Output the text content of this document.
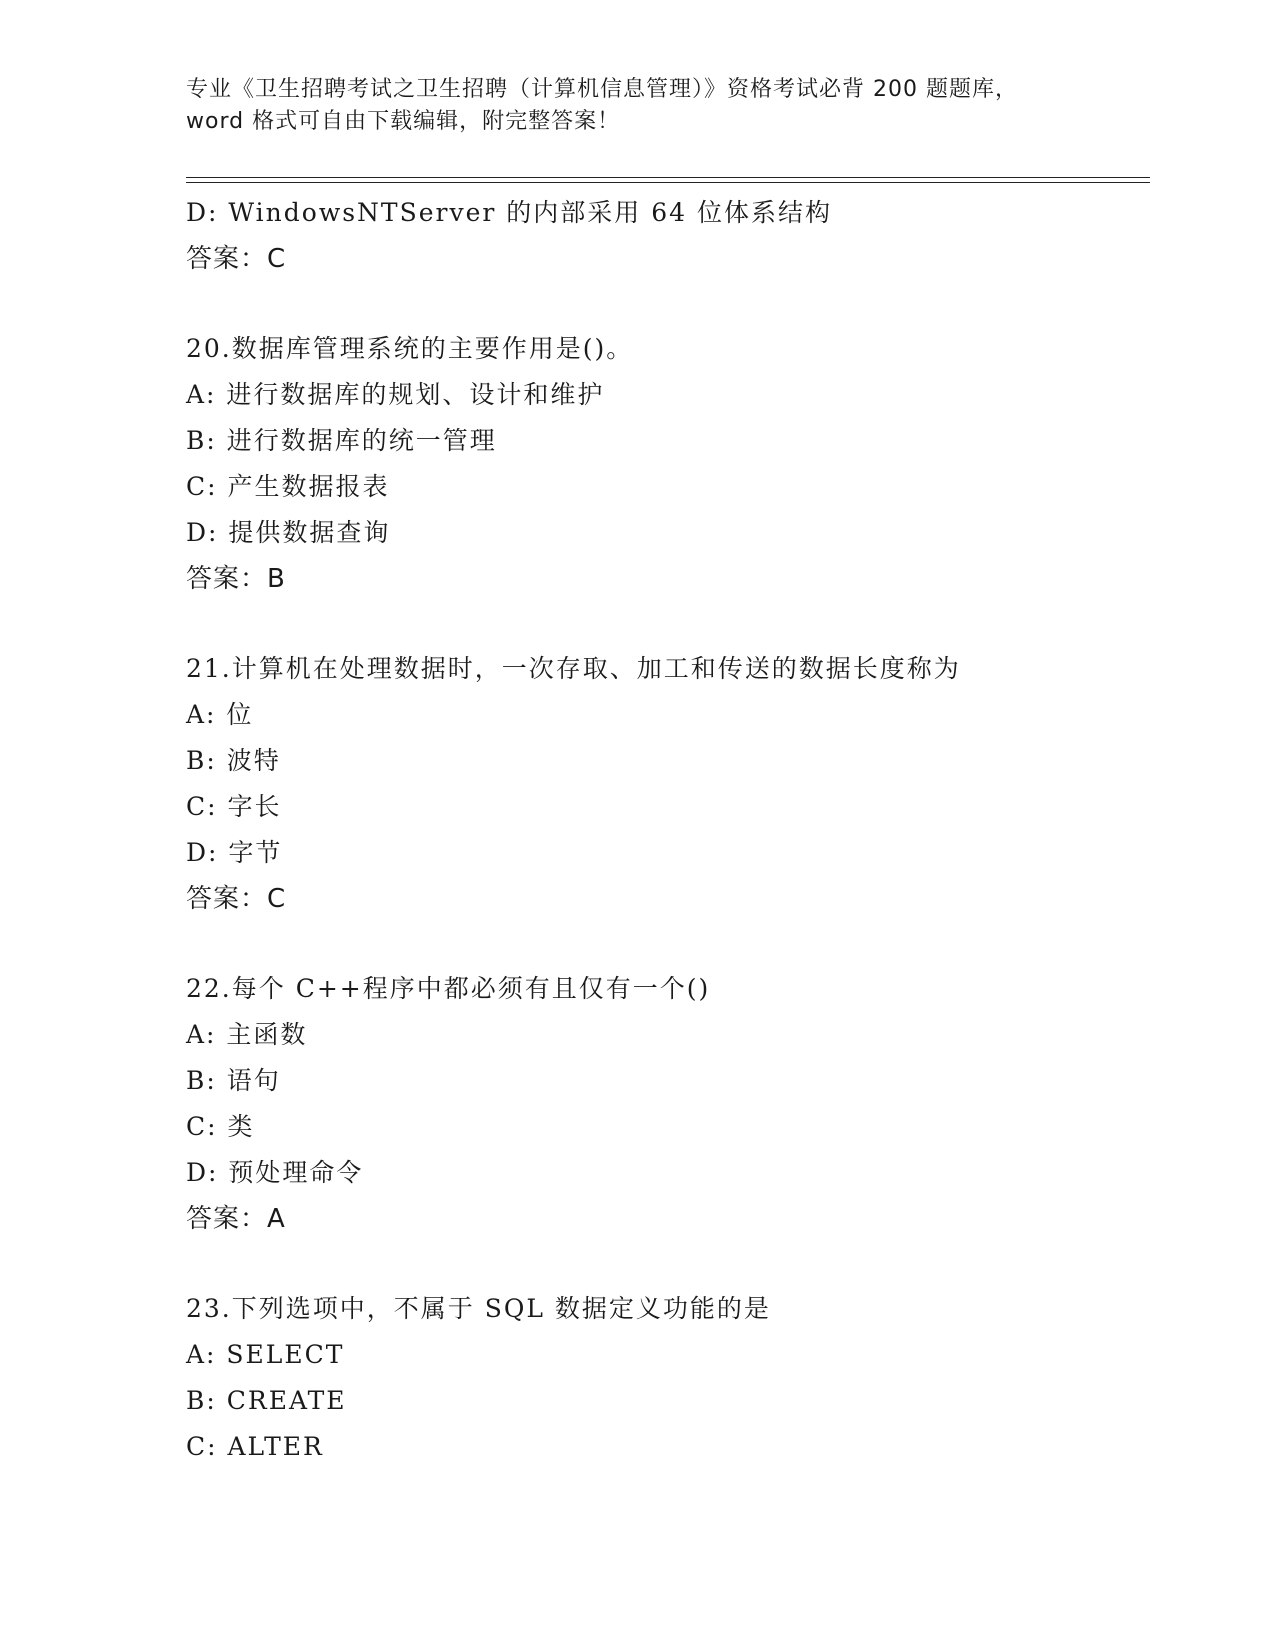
专业《卫生招聘考试之卫生招聘（计算机信息管理）》资格考试必背 200 题题库，
word 格式可自由下载编辑，附完整答案！
D: WindowsNTServer 的内部采用 64 位体系结构
答案：C
20.数据库管理系统的主要作用是()。
A: 进行数据库的规划、设计和维护
B: 进行数据库的统一管理
C: 产生数据报表
D: 提供数据查询
答案：B
21.计算机在处理数据时，一次存取、加工和传送的数据长度称为
A: 位
B: 波特
C: 字长
D: 字节
答案：C
22.每个 C++程序中都必须有且仅有一个()
A: 主函数
B: 语句
C: 类
D: 预处理命令
答案：A
23.下列选项中，不属于 SQL 数据定义功能的是
A: SELECT
B: CREATE
C: ALTER
